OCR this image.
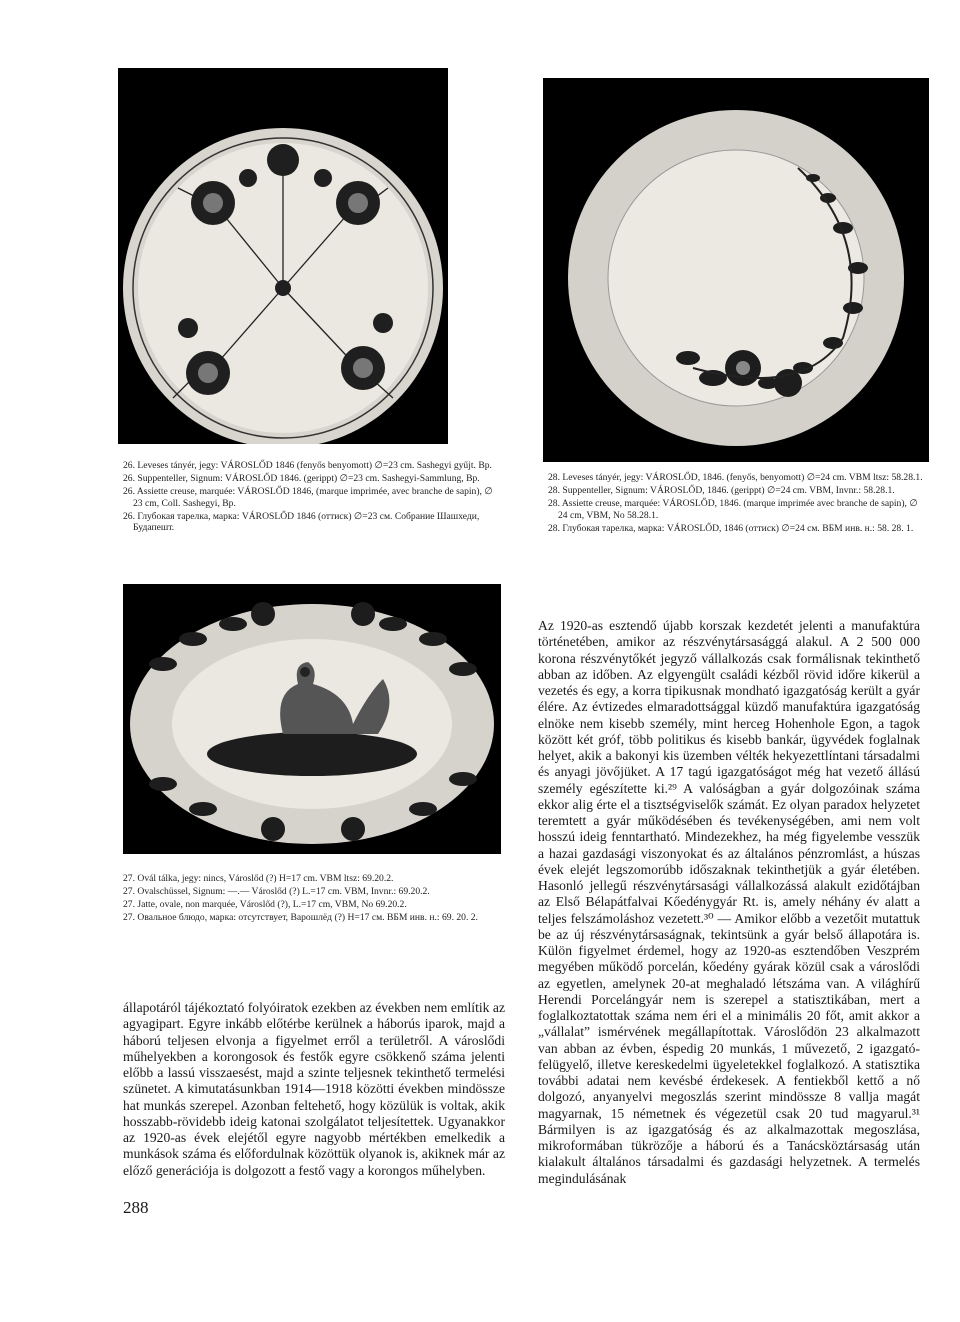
26. Leveses tányér, jegy: VÁROSLŐD 1846 (fenyős benyomott) ∅=23 cm. Sashegyi gyűjt. Bp.

26. Suppenteller, Signum: VÁROSLŐD 1846. (gerippt) ∅=23 cm. Sashegyi-Sammlung, Bp.

26. Assiette creuse, marquée: VÁROSLŐD 1846, (marque imprimée, avec branche de sapin), ∅ 23 cm, Coll. Sashegyi, Bp.

26. Глубокая тарелка, марка: VÁROSLŐD 1846 (оттиск) ∅=23 см. Собрание Шашхеди, Будапешт.

28. Leveses tányér, jegy: VÁROSLŐD, 1846. (fenyős, benyomott) ∅=24 cm. VBM ltsz: 58.28.1.

28. Suppenteller, Signum: VÁROSLŐD, 1846. (gerippt) ∅=24 cm. VBM, Invnr.: 58.28.1.

28. Assiette creuse, marquée: VÁROSLŐD, 1846. (marque imprimée avec branche de sapin), ∅ 24 cm, VBM, No 58.28.1.

28. Глубокая тарелка, марка: VÁROSLŐD, 1846 (оттиск) ∅=24 см. ВБМ инв. н.: 58. 28. 1.

27. Ovál tálka, jegy: nincs, Városlőd (?) H=17 cm. VBM ltsz: 69.20.2.

27. Ovalschüssel, Signum: —.— Városlőd (?) L.=17 cm. VBM, Invnr.: 69.20.2.

27. Jatte, ovale, non marquée, Városlőd (?), L.=17 cm, VBM, No 69.20.2.

27. Овальное блюдо, марка: отсутствует, Варошлёд (?) H=17 см. ВБМ инв. н.: 69. 20. 2.

Az 1920-as esztendő újabb korszak kezdetét jelenti a manufaktúra történetében, amikor az részvénytársasággá alakul. A 2 500 000 korona részvénytőkét jegyző vállalkozás csak formálisnak tekinthető abban az időben. Az elgyengült családi kézből rövid időre kikerül a vezetés és egy, a korra tipikusnak mondható igazgatóság került a gyár élére. Az évtizedes elmaradottsággal küzdő manufaktúra igazgatóság elnöke nem kisebb személy, mint herceg Hohenhole Egon, a tagok között két gróf, több politikus és kisebb bankár, ügyvédek foglalnak helyet, akik a bakonyi kis üzemben vélték hekyezettlíntani társadalmi és anyagi jövőjüket. A 17 tagú igazgatóságot még hat vezető állású személy egészítette ki.²⁹ A valóságban a gyár dolgozóinak száma ekkor alig érte el a tisztségviselők számát. Ez olyan paradox helyzetet teremtett a gyár működésében és tevékenységében, ami nem volt hosszú ideig fenntartható. Mindezekhez, ha még figyelembe vesszük a hazai gazdasági viszonyokat és az általános pénzromlást, a húszas évek elejét legszomorúbb időszaknak tekinthetjük a gyár életében. Hasonló jellegű részvénytársasági vállalkozássá alakult ezidőtájban az Első Bélapátfalvai Kőedénygyár Rt. is, amely néhány év alatt a teljes felszámoláshoz vezetett.³⁰ — Amikor előbb a vezetőit mutattuk be az új részvénytársaságnak, tekintsünk a gyár belső állapotára is. Külön figyelmet érdemel, hogy az 1920-as esztendőben Veszprém megyében működő porcelán, kőedény gyárak közül csak a városlődi az egyetlen, amelynek 20-at meghaladó létszáma van. A világhírű Herendi Porcelángyár nem is szerepel a statisztikában, mert a foglalkoztatottak száma nem éri el a minimális 20 főt, amit akkor a „vállalat” ismérvének megállapítottak. Városlődön 23 alkalmazott van abban az évben, éspedig 20 munkás, 1 művezető, 2 igazgató-felügyelő, illetve kereskedelmi ügyeletekkel foglalkozó. A statisztika további adatai nem kevésbé érdekesek. A fentiekből kettő a nő dolgozó, anyanyelvi megoszlás szerint mindössze 8 vallja magát magyarnak, 15 németnek és végezetül csak 20 tud magyarul.³¹ Bármilyen is az igazgatóság és az alkalmazottak megoszlása, mikroformában tükrözője a háború és a Tanácsköztársaság után kialakult általános társadalmi és gazdasági helyzetnek. A termelés megindulásának

állapotáról tájékoztató folyóiratok ezekben az években nem említik az agyagipart. Egyre inkább előtérbe kerülnek a háborús iparok, majd a háború teljesen elvonja a figyelmet erről a területről. A városlődi műhelyekben a korongosok és festők egyre csökkenő száma jelenti előbb a lassú visszaesést, majd a szinte teljesnek tekinthető termelési szünetet. A kimutatásunkban 1914—1918 közötti években mindössze hat munkás szerepel. Azonban feltehető, hogy közülük is voltak, akik hosszabb-rövidebb ideig katonai szolgálatot teljesítettek. Ugyanakkor az 1920-as évek elejétől egyre nagyobb mértékben emelkedik a munkások száma és előfordulnak közöttük olyanok is, akiknek már az előző generációja is dolgozott a festő vagy a korongos műhelyben.

288
